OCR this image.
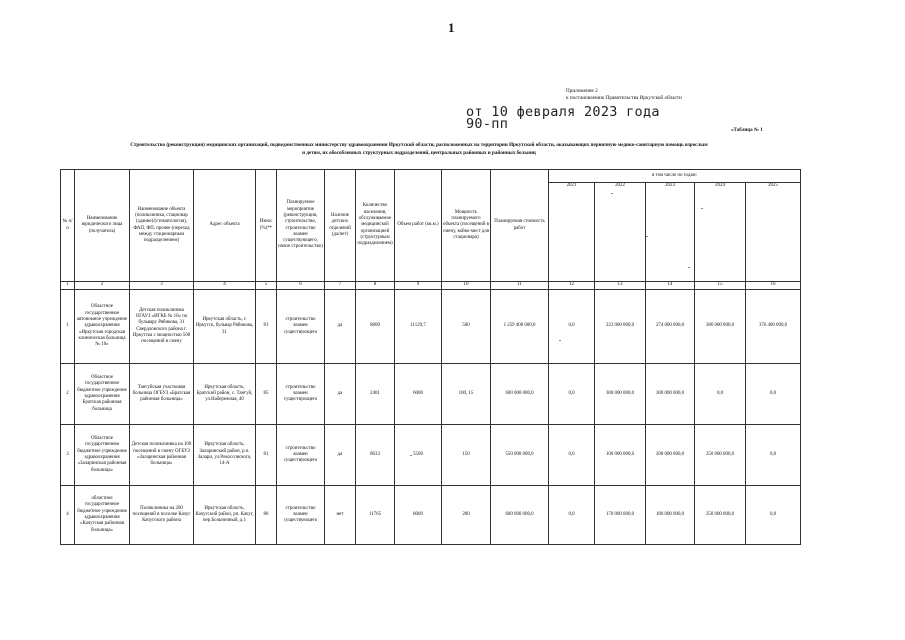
1
Приложение 2
к постановлению Правительства Иркутской области
от 10 февраля 2023 года
90-пп	«Таблица № 1
Строительство (реконструкция) медицинских организаций, подведомственных министерству здравоохранения Иркутской области, расположенных на территории Иркутской области, оказывающих первичную медико-санитарную помощь взрослым
и детям, их обособленных структурных подразделений, центральных районных и районных больниц
№ п/п	Наименование юридического лица (получатель)	Наименование объекта (поликлиника, стационар (здание)/(стоматология), ФАП, ФП, прочее (переход между стационарным подразделением)	Адрес объекта	Износ (%)**	Планируемое мероприятие (реконструкция, строительство, строительство взамен существующего, новое строительство)	Наличие детских отделений (да/нет)	Количество населения, обслуживаемое медицинской организацией (структурным подразделением)	Объем работ (кв.м.)	Мощность планируемого объекта (посещений в смену, койко-мест для стационара)	Планируемая стоимость работ	в том числе по годам:				
											2021	2022	2023	2024	2025
1	2	3	4	5	6	7	8	9	10	11	12	13	14	15	16
1	Областное государственное автономное учреждение здравоохранения «Иркутская городская клиническая больница № 10»	Детская поликлиника ОГАУЗ «ИГКБ № 10» по бульвару Рябикова, 31 Свердловского района г. Иркутска с мощностью 500 посещений в смену	Иркутская область, г. Иркутск, бульвар Рябикова, 31	81	строительство взамен существующего	да	8800	11129,7	500	1 259 400 000,0	0,0	223 000 000,0	274 000 000,0	386 000 000,0	376 400 000,0
2	Областное государственное бюджетное учреждение здравоохранения Братская районная больница	Тангуйская участковая больница ОГБУЗ «Братская районная больница»	Иркутская область, Братский район, с. Тангуй, ул.Набережная, 40	85	строительство взамен существующего	да	2401	6000	100, 15	600 000 000,0	0,0	300 000 000,0	300 000 000,0	0,0	0,0
3	Областное государственное бюджетное учреждение здравоохранения «Заларинская районная больница»	Детская поликлиника на 100 посещений в смену ОГБУЗ «Заларинская районная больница»	Иркутская область, Заларинский район, р.п. Залари, ул.Рокоссовского, 14-А	81	строительство взамен существующего	да	8633	5500	150	550 000 000,0	0,0	100 000 000,0	200 000 000,0	250 000 000,0	0,0
4	областное государственное бюджетное учреждение здравоохранения «Качугская районная больница»	Поликлиника на 200 посещений в поселке Качуг Качугского района	Иркутская область, Качугский район, рп. Качуг, пер.Больничный, д.1	80	строительство взамен существующего	нет	11765	8000	200	600 000 000,0	0,0	170 000 000,0	180 000 000,0	250 000 000,0	0,0
